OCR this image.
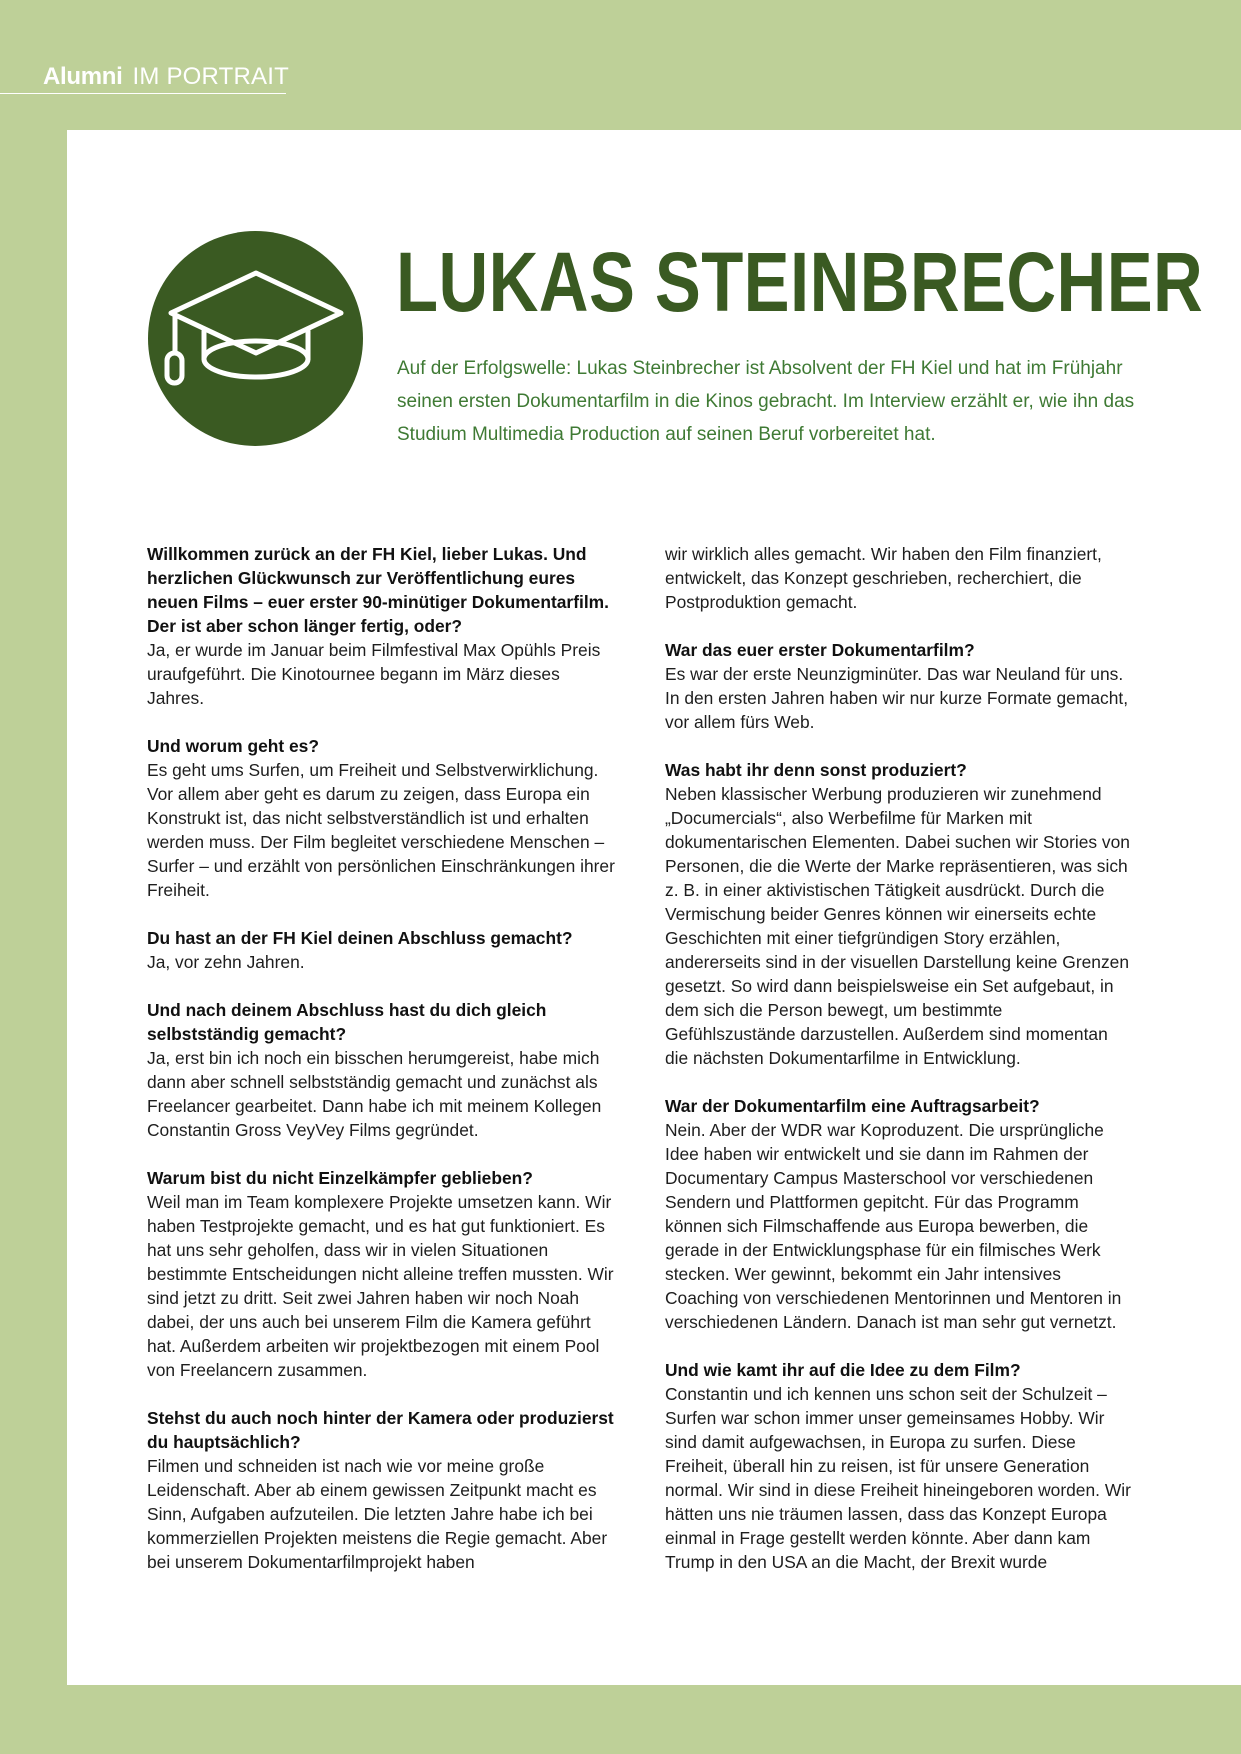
Alumni IM PORTRAIT
LUKAS STEINBRECHER
Auf der Erfolgswelle: Lukas Steinbrecher ist Absolvent der FH Kiel und hat im Frühjahr seinen ersten Dokumentarfilm in die Kinos gebracht. Im Interview erzählt er, wie ihn das Studium Multimedia Production auf seinen Beruf vorbereitet hat.

Willkommen zurück an der FH Kiel, lieber Lukas. Und herzlichen Glückwunsch zur Veröffentlichung eures neuen Films – euer erster 90-minütiger Dokumentarfilm. Der ist aber schon länger fertig, oder?

Ja, er wurde im Januar beim Filmfestival Max Opühls Preis uraufgeführt. Die Kinotournee begann im März dieses Jahres.

Und worum geht es?

Es geht ums Surfen, um Freiheit und Selbstverwirklichung. Vor allem aber geht es darum zu zeigen, dass Europa ein Konstrukt ist, das nicht selbstverständlich ist und erhalten werden muss. Der Film begleitet verschiedene Menschen – Surfer – und erzählt von persönlichen Einschränkungen ihrer Freiheit.

Du hast an der FH Kiel deinen Abschluss gemacht?

Ja, vor zehn Jahren.

Und nach deinem Abschluss hast du dich gleich selbstständig gemacht?

Ja, erst bin ich noch ein bisschen herumgereist, habe mich dann aber schnell selbstständig gemacht und zunächst als Freelancer gearbeitet. Dann habe ich mit meinem Kollegen Constantin Gross VeyVey Films gegründet.

Warum bist du nicht Einzelkämpfer geblieben?

Weil man im Team komplexere Projekte umsetzen kann. Wir haben Testprojekte gemacht, und es hat gut funktioniert. Es hat uns sehr geholfen, dass wir in vielen Situationen bestimmte Entscheidungen nicht alleine treffen mussten. Wir sind jetzt zu dritt. Seit zwei Jahren haben wir noch Noah dabei, der uns auch bei unserem Film die Kamera geführt hat. Außerdem arbeiten wir projektbezogen mit einem Pool von Freelancern zusammen.

Stehst du auch noch hinter der Kamera oder produzierst du hauptsächlich?

Filmen und schneiden ist nach wie vor meine große Leidenschaft. Aber ab einem gewissen Zeitpunkt macht es Sinn, Aufgaben aufzuteilen. Die letzten Jahre habe ich bei kommerziellen Projekten meistens die Regie gemacht. Aber bei unserem Dokumentarfilmprojekt haben

wir wirklich alles gemacht. Wir haben den Film finanziert, entwickelt, das Konzept geschrieben, recherchiert, die Postproduktion gemacht.

War das euer erster Dokumentarfilm?

Es war der erste Neunzigminüter. Das war Neuland für uns. In den ersten Jahren haben wir nur kurze Formate gemacht, vor allem fürs Web.

Was habt ihr denn sonst produziert?

Neben klassischer Werbung produzieren wir zunehmend „Documercials“, also Werbefilme für Marken mit dokumentarischen Elementen. Dabei suchen wir Stories von Personen, die die Werte der Marke repräsentieren, was sich z. B. in einer aktivistischen Tätigkeit ausdrückt. Durch die Vermischung beider Genres können wir einerseits echte Geschichten mit einer tiefgründigen Story erzählen, andererseits sind in der visuellen Darstellung keine Grenzen gesetzt. So wird dann beispielsweise ein Set aufgebaut, in dem sich die Person bewegt, um bestimmte Gefühlszustände darzustellen. Außerdem sind momentan die nächsten Dokumentarfilme in Entwicklung.

War der Dokumentarfilm eine Auftragsarbeit?

Nein. Aber der WDR war Koproduzent. Die ursprüngliche Idee haben wir entwickelt und sie dann im Rahmen der Documentary Campus Masterschool vor verschiedenen Sendern und Plattformen gepitcht. Für das Programm können sich Filmschaffende aus Europa bewerben, die gerade in der Entwicklungsphase für ein filmisches Werk stecken. Wer gewinnt, bekommt ein Jahr intensives Coaching von verschiedenen Mentorinnen und Mentoren in verschiedenen Ländern. Danach ist man sehr gut vernetzt.

Und wie kamt ihr auf die Idee zu dem Film?

Constantin und ich kennen uns schon seit der Schulzeit – Surfen war schon immer unser gemeinsames Hobby. Wir sind damit aufgewachsen, in Europa zu surfen. Diese Freiheit, überall hin zu reisen, ist für unsere Generation normal. Wir sind in diese Freiheit hineingeboren worden. Wir hätten uns nie träumen lassen, dass das Konzept Europa einmal in Frage gestellt werden könnte. Aber dann kam Trump in den USA an die Macht, der Brexit wurde
